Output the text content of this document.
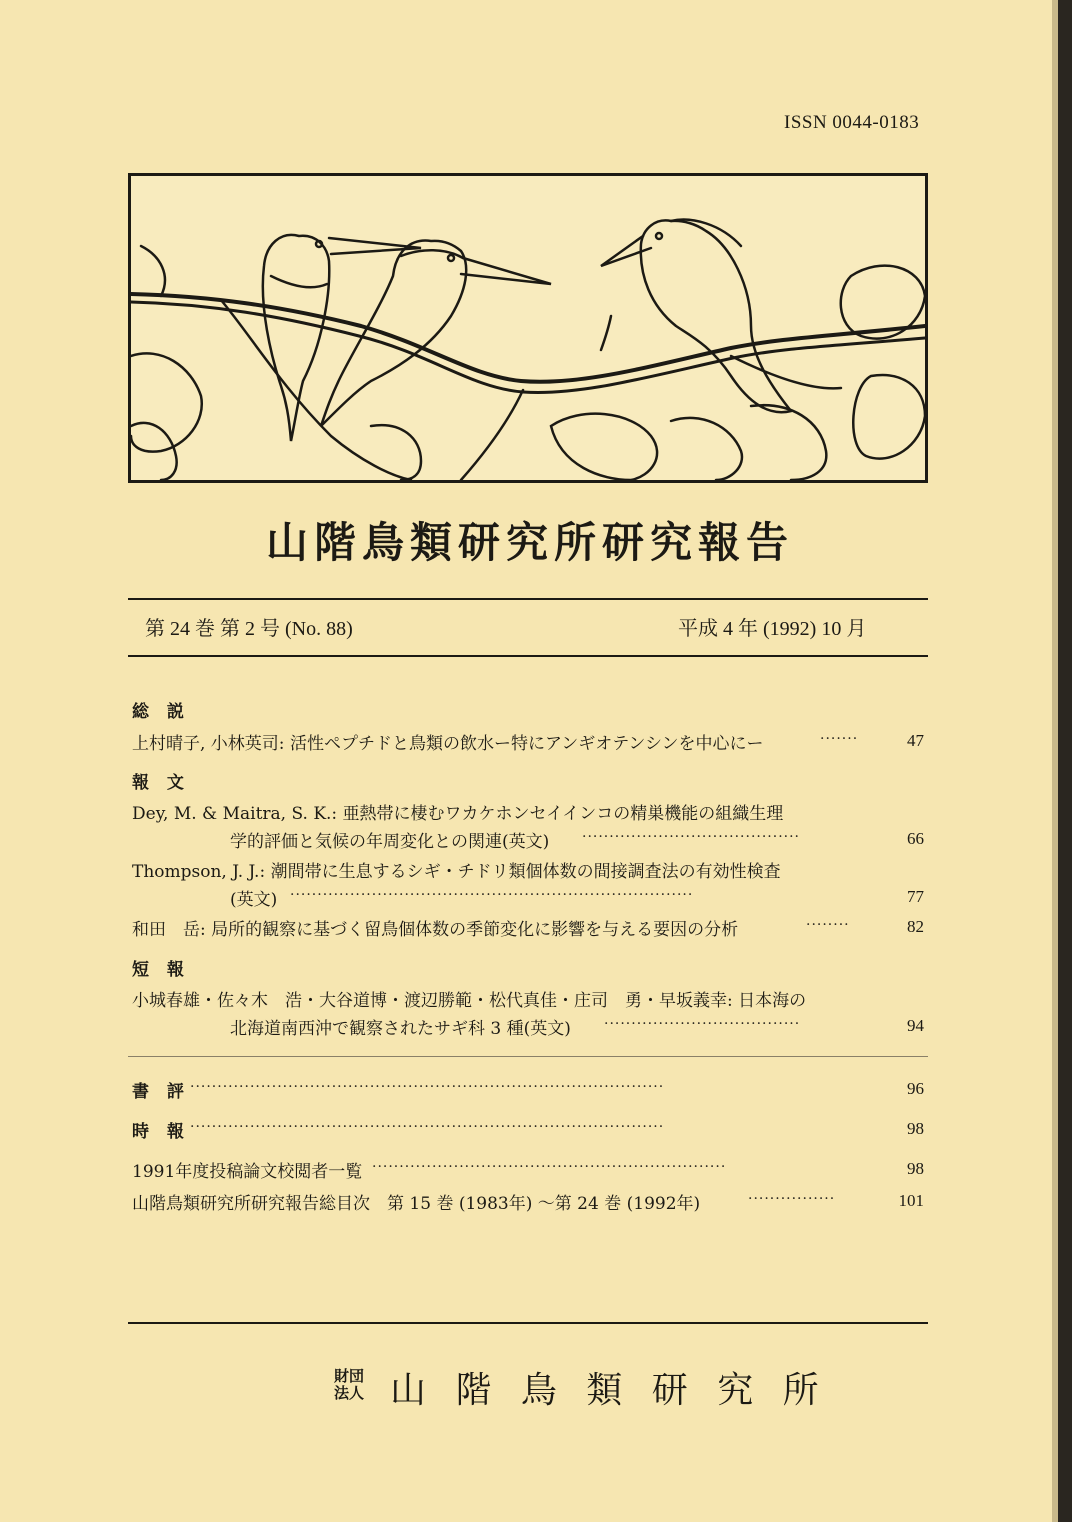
ISSN 0044-0183
山階鳥類研究所研究報告
第 24 巻 第 2 号 (No. 88)	平成 4 年 (1992) 10 月
総 説
上村晴子, 小林英司: 活性ペプチドと鳥類の飲水ー特にアンギオテンシンを中心にー	·······	47
報 文
Dey, M. & Maitra, S. K.: 亜熱帯に棲むワカケホンセイインコの精巣機能の組織生理
学的評価と気候の年周変化との関連(英文) ········································	66
Thompson, J. J.: 潮間帯に生息するシギ・チドリ類個体数の間接調査法の有効性検査
(英文) ··········································································	77
和田　岳: 局所的観察に基づく留鳥個体数の季節変化に影響を与える要因の分析	········	82
短 報
小城春雄・佐々木　浩・大谷道博・渡辺勝範・松代真佳・庄司　勇・早坂義幸: 日本海の
北海道南西沖で観察されたサギ科 3 種(英文) ····································	94
書 評 ·······················································································	96
時 報 ·······················································································	98
1991年度投稿論文校閲者一覧 ·································································	98
山階鳥類研究所研究報告総目次　第 15 巻 (1983年) ～第 24 巻 (1992年)	················	101
財団
法人 山 階 鳥 類 研 究 所
